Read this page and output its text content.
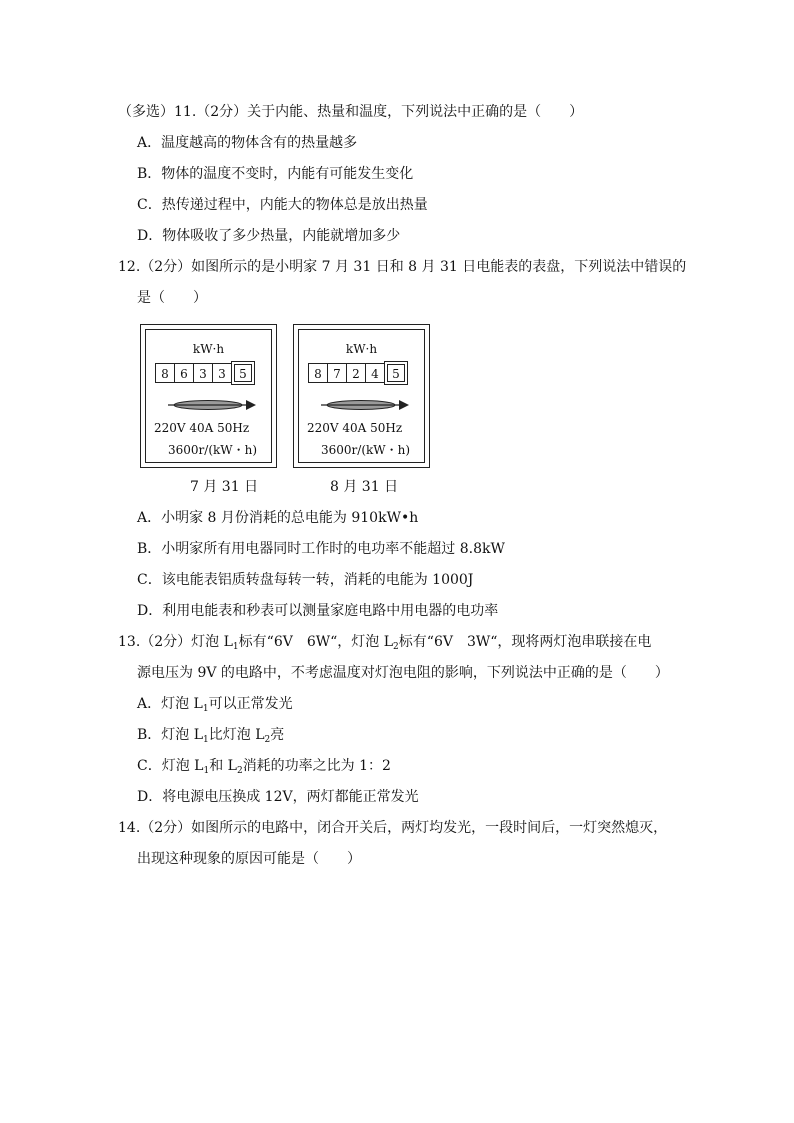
（多选）11.（2分）关于内能、热量和温度，下列说法中正确的是（　　）
A．温度越高的物体含有的热量越多
B．物体的温度不变时，内能有可能发生变化
C．热传递过程中，内能大的物体总是放出热量
D．物体吸收了多少热量，内能就增加多少
12.（2分）如图所示的是小明家 7 月 31 日和 8 月 31 日电能表的表盘，下列说法中错误的
是（　　）
kW·h
8 6 3 3	5
220V 40A 50Hz
3600r/(kW・h)
7 月 31 日
kW·h
8 7 2 4	5
220V 40A 50Hz
3600r/(kW・h)
8 月 31 日
A．小明家 8 月份消耗的总电能为 910kW•h
B．小明家所有用电器同时工作时的电功率不能超过 8.8kW
C．该电能表铝质转盘每转一转，消耗的电能为 1000J
D．利用电能表和秒表可以测量家庭电路中用电器的电功率
13.（2分）灯泡 $L_1$标有“6V　6W“，灯泡 $L_2$标有“6V　3W“，现将两灯泡串联接在电
源电压为 9V 的电路中，不考虑温度对灯泡电阻的影响，下列说法中正确的是（　　）
A．灯泡 $L_1$可以正常发光
B．灯泡 $L_1$比灯泡 $L_2$亮
C．灯泡 $L_1$和 $L_2$消耗的功率之比为 1：2
D．将电源电压换成 12V，两灯都能正常发光
14.（2分）如图所示的电路中，闭合开关后，两灯均发光，一段时间后，一灯突然熄灭，
出现这种现象的原因可能是（　　）
